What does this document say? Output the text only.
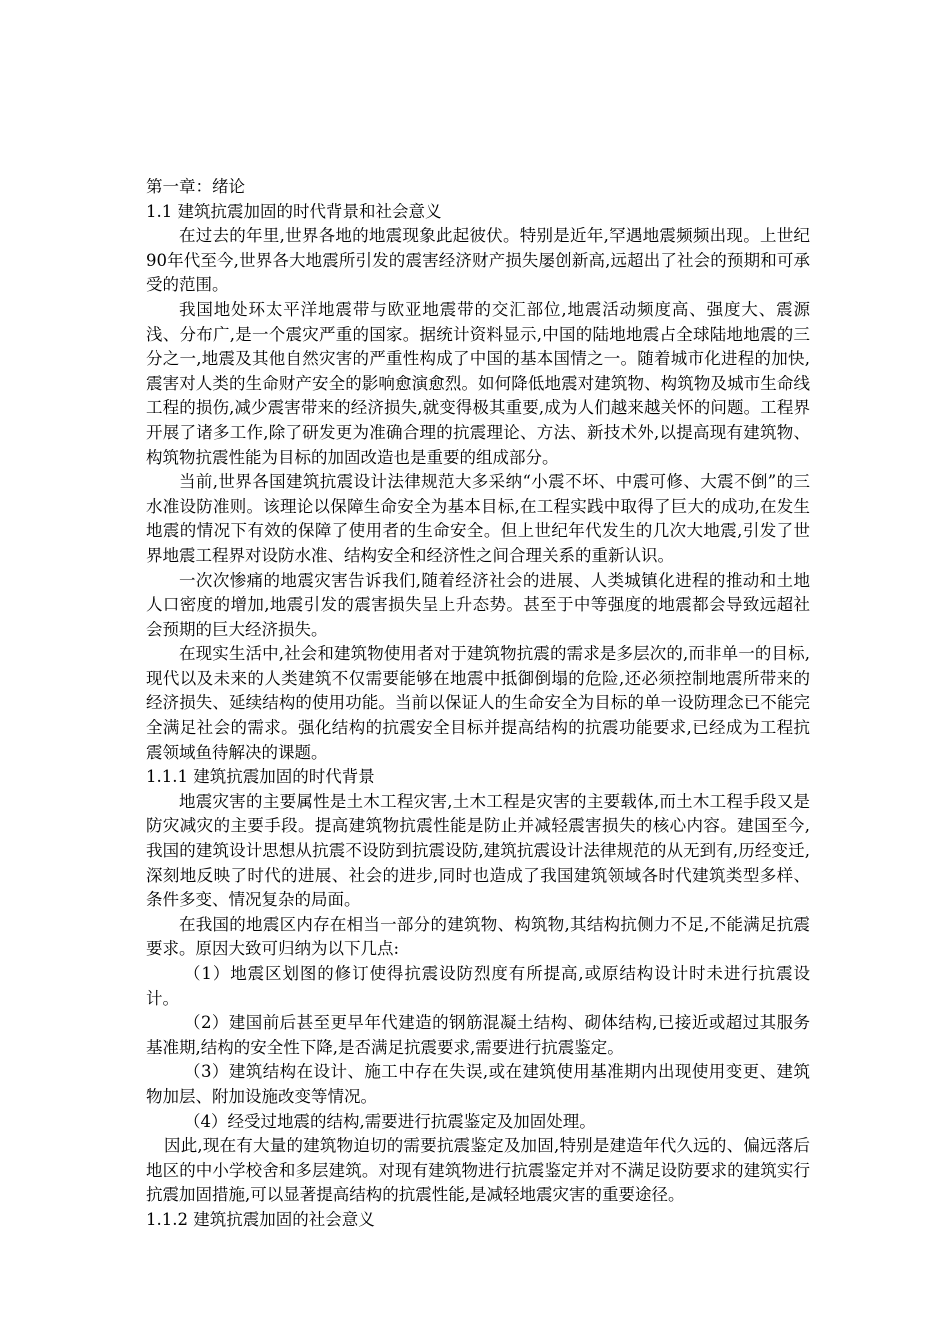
第一章：绪论
1.1 建筑抗震加固的时代背景和社会意义

在过去的年里,世界各地的地震现象此起彼伏。特别是近年,罕遇地震频频出现。上世纪90年代至今,世界各大地震所引发的震害经济财产损失屡创新高,远超出了社会的预期和可承受的范围。

我国地处环太平洋地震带与欧亚地震带的交汇部位,地震活动频度高、强度大、震源浅、分布广,是一个震灾严重的国家。据统计资料显示,中国的陆地地震占全球陆地地震的三分之一,地震及其他自然灾害的严重性构成了中国的基本国情之一。随着城市化进程的加快,震害对人类的生命财产安全的影响愈演愈烈。如何降低地震对建筑物、构筑物及城市生命线工程的损伤,减少震害带来的经济损失,就变得极其重要,成为人们越来越关怀的问题。工程界开展了诸多工作,除了研发更为准确合理的抗震理论、方法、新技术外,以提高现有建筑物、构筑物抗震性能为目标的加固改造也是重要的组成部分。

当前,世界各国建筑抗震设计法律规范大多采纳“小震不坏、中震可修、大震不倒”的三水准设防准则。该理论以保障生命安全为基本目标,在工程实践中取得了巨大的成功,在发生地震的情况下有效的保障了使用者的生命安全。但上世纪年代发生的几次大地震,引发了世界地震工程界对设防水准、结构安全和经济性之间合理关系的重新认识。

一次次惨痛的地震灾害告诉我们,随着经济社会的进展、人类城镇化进程的推动和土地人口密度的增加,地震引发的震害损失呈上升态势。甚至于中等强度的地震都会导致远超社会预期的巨大经济损失。

在现实生活中,社会和建筑物使用者对于建筑物抗震的需求是多层次的,而非单一的目标,现代以及未来的人类建筑不仅需要能够在地震中抵御倒塌的危险,还必须控制地震所带来的经济损失、延续结构的使用功能。当前以保证人的生命安全为目标的单一设防理念已不能完全满足社会的需求。强化结构的抗震安全目标并提高结构的抗震功能要求,已经成为工程抗震领域鱼待解决的课题。

1.1.1 建筑抗震加固的时代背景

地震灾害的主要属性是土木工程灾害,土木工程是灾害的主要载体,而土木工程手段又是防灾减灾的主要手段。提高建筑物抗震性能是防止并减轻震害损失的核心内容。建国至今,我国的建筑设计思想从抗震不设防到抗震设防,建筑抗震设计法律规范的从无到有,历经变迁,深刻地反映了时代的进展、社会的进步,同时也造成了我国建筑领域各时代建筑类型多样、条件多变、情况复杂的局面。

在我国的地震区内存在相当一部分的建筑物、构筑物,其结构抗侧力不足,不能满足抗震要求。原因大致可归纳为以下几点:

（1）地震区划图的修订使得抗震设防烈度有所提高,或原结构设计时未进行抗震设计。

（2）建国前后甚至更早年代建造的钢筋混凝土结构、砌体结构,已接近或超过其服务基准期,结构的安全性下降,是否满足抗震要求,需要进行抗震鉴定。

（3）建筑结构在设计、施工中存在失误,或在建筑使用基准期内出现使用变更、建筑物加层、附加设施改变等情况。

（4）经受过地震的结构,需要进行抗震鉴定及加固处理。

因此,现在有大量的建筑物迫切的需要抗震鉴定及加固,特别是建造年代久远的、偏远落后地区的中小学校舍和多层建筑。对现有建筑物进行抗震鉴定并对不满足设防要求的建筑实行抗震加固措施,可以显著提高结构的抗震性能,是减轻地震灾害的重要途径。

1.1.2 建筑抗震加固的社会意义
